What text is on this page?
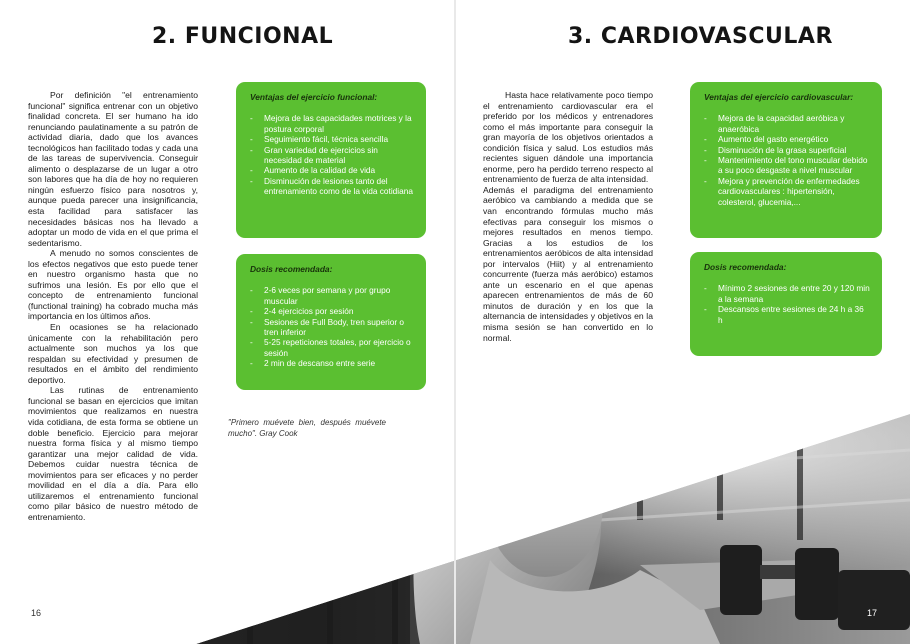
2. FUNCIONAL

Por definición "el entrenamiento funcional" significa entrenar con un objetivo finalidad concreta. El ser humano ha ido renunciando paulatinamente a su patrón de actividad diaria, dado que los avances tecnológicos han facilitado todas y cada una de las tareas de supervivencia. Conseguir alimento o desplazarse de un lugar a otro son labores que ha día de hoy no requieren ningún esfuerzo físico para nosotros y, aunque pueda parecer una insignificancia, esta facilidad para satisfacer las necesidades básicas nos ha llevado a adoptar un modo de vida en el que prima el sedentarismo.

A menudo no somos conscientes de los efectos negativos que esto puede tener en nuestro organismo hasta que no sufrimos una lesión. Es por ello que el concepto de entrenamiento funcional (functional training) ha cobrado mucha más importancia en los últimos años.

En ocasiones se ha relacionado únicamente con la rehabilitación pero actualmente son muchos ya los que respaldan su efectividad y presumen de resultados en el ámbito del rendimiento deportivo.

Las rutinas de entrenamiento funcional se basan en ejercicios que imitan movimientos que realizamos en nuestra vida cotidiana, de esta forma se obtiene un doble beneficio. Ejercicio para mejorar nuestra forma física y al mismo tiempo garantizar una mejor calidad de vida. Debemos cuidar nuestra técnica de movimientos para ser eficaces y no perder movilidad en el día a día. Para ello utilizaremos el entrenamiento funcional como pilar básico de nuestro método de entrenamiento.

Ventajas del ejercicio funcional:
- Mejora de las capacidades motrices y la postura corporal
- Seguimiento fácil, técnica sencilla
- Gran variedad de ejercicios sin necesidad de material
- Aumento de la calidad de vida
- Disminución de lesiones tanto del entrenamiento como de la vida cotidiana
Dosis recomendada:
- 2-6 veces por semana y por grupo muscular
- 2-4 ejercicios por sesión
- Sesiones de Full Body, tren superior o tren inferior
- 5-25 repeticiones totales, por ejercicio o sesión
- 2 min de descanso entre serie
"Primero muévete bien, después muévete mucho". Gray Cook
16
3. CARDIOVASCULAR

Hasta hace relativamente poco tiempo el entrenamiento cardiovascular era el preferido por los médicos y entrenadores como el más importante para conseguir la gran mayoría de los objetivos orientados a condición física y salud. Los estudios más recientes siguen dándole una importancia enorme, pero ha perdido terreno respecto al entrenamiento de fuerza de alta intensidad.

Además el paradigma del entrenamiento aeróbico va cambiando a medida que se van encontrando fórmulas mucho más efectivas para conseguir los mismos o mejores resultados en menos tiempo. Gracias a los estudios de los entrenamientos aeróbicos de alta intensidad por intervalos (Hiit) y al entrenamiento concurrente (fuerza más aeróbico) estamos ante un escenario en el que apenas aparecen entrenamientos de más de 60 minutos de duración y en los que la alternancia de intensidades y objetivos en la misma sesión se han convertido en lo normal.

Ventajas del ejercicio cardiovascular:
- Mejora de la capacidad aeróbica y anaeróbica
- Aumento del gasto energético
- Disminución de la grasa superficial
- Mantenimiento del tono muscular debido a su poco desgaste a nivel muscular
- Mejora y prevención de enfermedades cardiovasculares : hipertensión, colesterol, glucemia,...
Dosis recomendada:
- Mínimo 2 sesiones de entre 20 y 120 min a la semana
- Descansos entre sesiones de 24 h a 36 h
17
